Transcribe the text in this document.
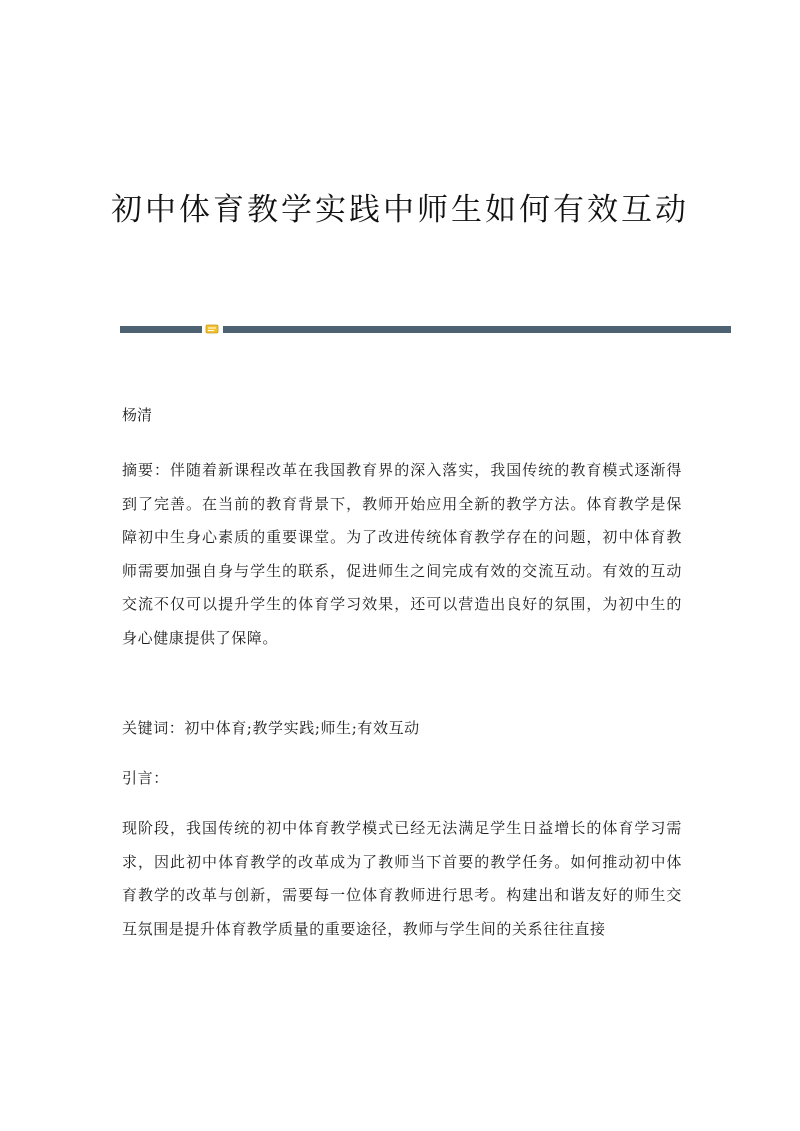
初中体育教学实践中师生如何有效互动
杨清

摘要：伴随着新课程改革在我国教育界的深入落实，我国传统的教育模式逐渐得到了完善。在当前的教育背景下，教师开始应用全新的教学方法。体育教学是保障初中生身心素质的重要课堂。为了改进传统体育教学存在的问题，初中体育教师需要加强自身与学生的联系，促进师生之间完成有效的交流互动。有效的互动交流不仅可以提升学生的体育学习效果，还可以营造出良好的氛围，为初中生的身心健康提供了保障。

关键词：初中体育;教学实践;师生;有效互动

引言：

现阶段，我国传统的初中体育教学模式已经无法满足学生日益增长的体育学习需求，因此初中体育教学的改革成为了教师当下首要的教学任务。如何推动初中体育教学的改革与创新，需要每一位体育教师进行思考。构建出和谐友好的师生交互氛围是提升体育教学质量的重要途径，教师与学生间的关系往往直接
